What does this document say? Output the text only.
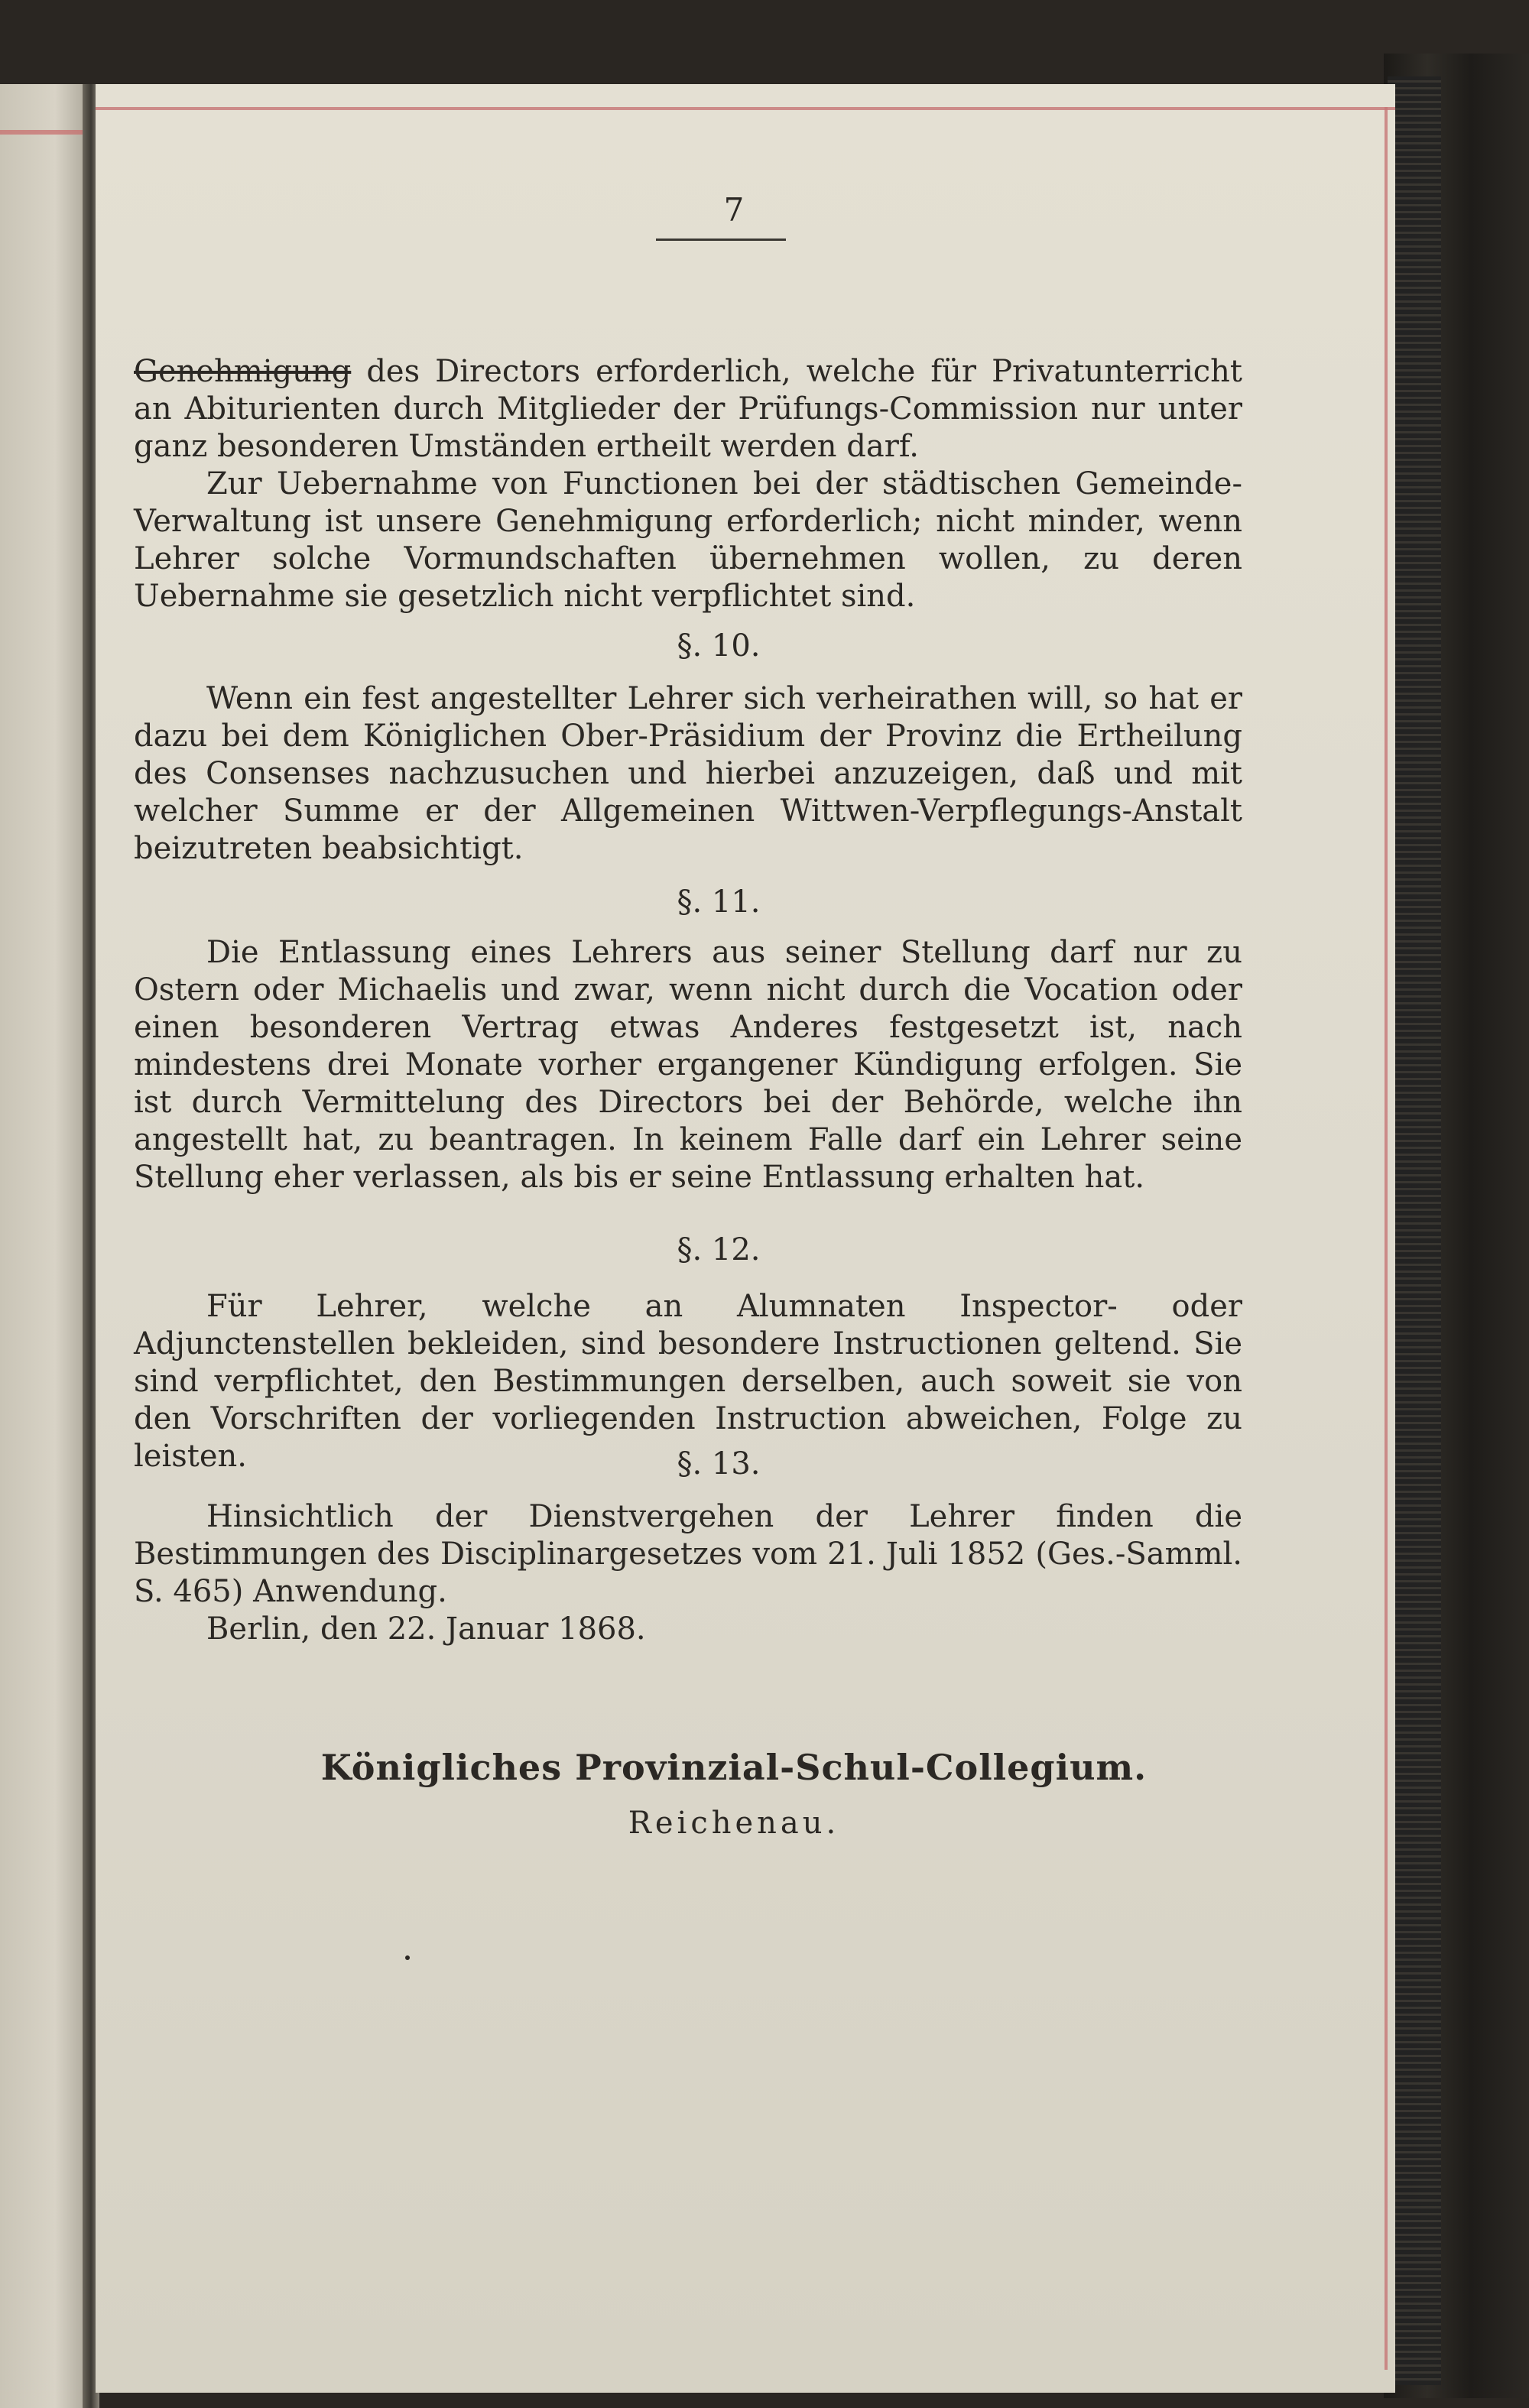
7

Genehmigung des Directors erforderlich, welche für Privatunterricht an Abiturienten durch Mitglieder der Prüfungs-Commission nur unter ganz besonderen Umständen ertheilt werden darf.

Zur Uebernahme von Functionen bei der städtischen Gemeinde-Verwaltung ist unsere Genehmigung erforderlich; nicht minder, wenn Lehrer solche Vormundschaften übernehmen wollen, zu deren Uebernahme sie gesetzlich nicht verpflichtet sind.

§. 10.

Wenn ein fest angestellter Lehrer sich verheirathen will, so hat er dazu bei dem Königlichen Ober-Präsidium der Provinz die Ertheilung des Consenses nachzusuchen und hierbei anzuzeigen, daß und mit welcher Summe er der Allgemeinen Wittwen-Verpflegungs-Anstalt beizutreten beabsichtigt.

§. 11.

Die Entlassung eines Lehrers aus seiner Stellung darf nur zu Ostern oder Michaelis und zwar, wenn nicht durch die Vocation oder einen besonderen Vertrag etwas Anderes festgesetzt ist, nach mindestens drei Monate vorher ergangener Kündigung erfolgen. Sie ist durch Vermittelung des Directors bei der Behörde, welche ihn angestellt hat, zu beantragen. In keinem Falle darf ein Lehrer seine Stellung eher verlassen, als bis er seine Entlassung erhalten hat.

§. 12.

Für Lehrer, welche an Alumnaten Inspector- oder Adjunctenstellen bekleiden, sind besondere Instructionen geltend. Sie sind verpflichtet, den Bestimmungen derselben, auch soweit sie von den Vorschriften der vorliegenden Instruction abweichen, Folge zu leisten.	§. 13.

Hinsichtlich der Dienstvergehen der Lehrer finden die Bestimmungen des Disciplinargesetzes vom 21. Juli 1852 (Ges.-Samml. S. 465) Anwendung.

Berlin, den 22. Januar 1868.

Königliches Provinzial-Schul-Collegium.
Reichenau.
